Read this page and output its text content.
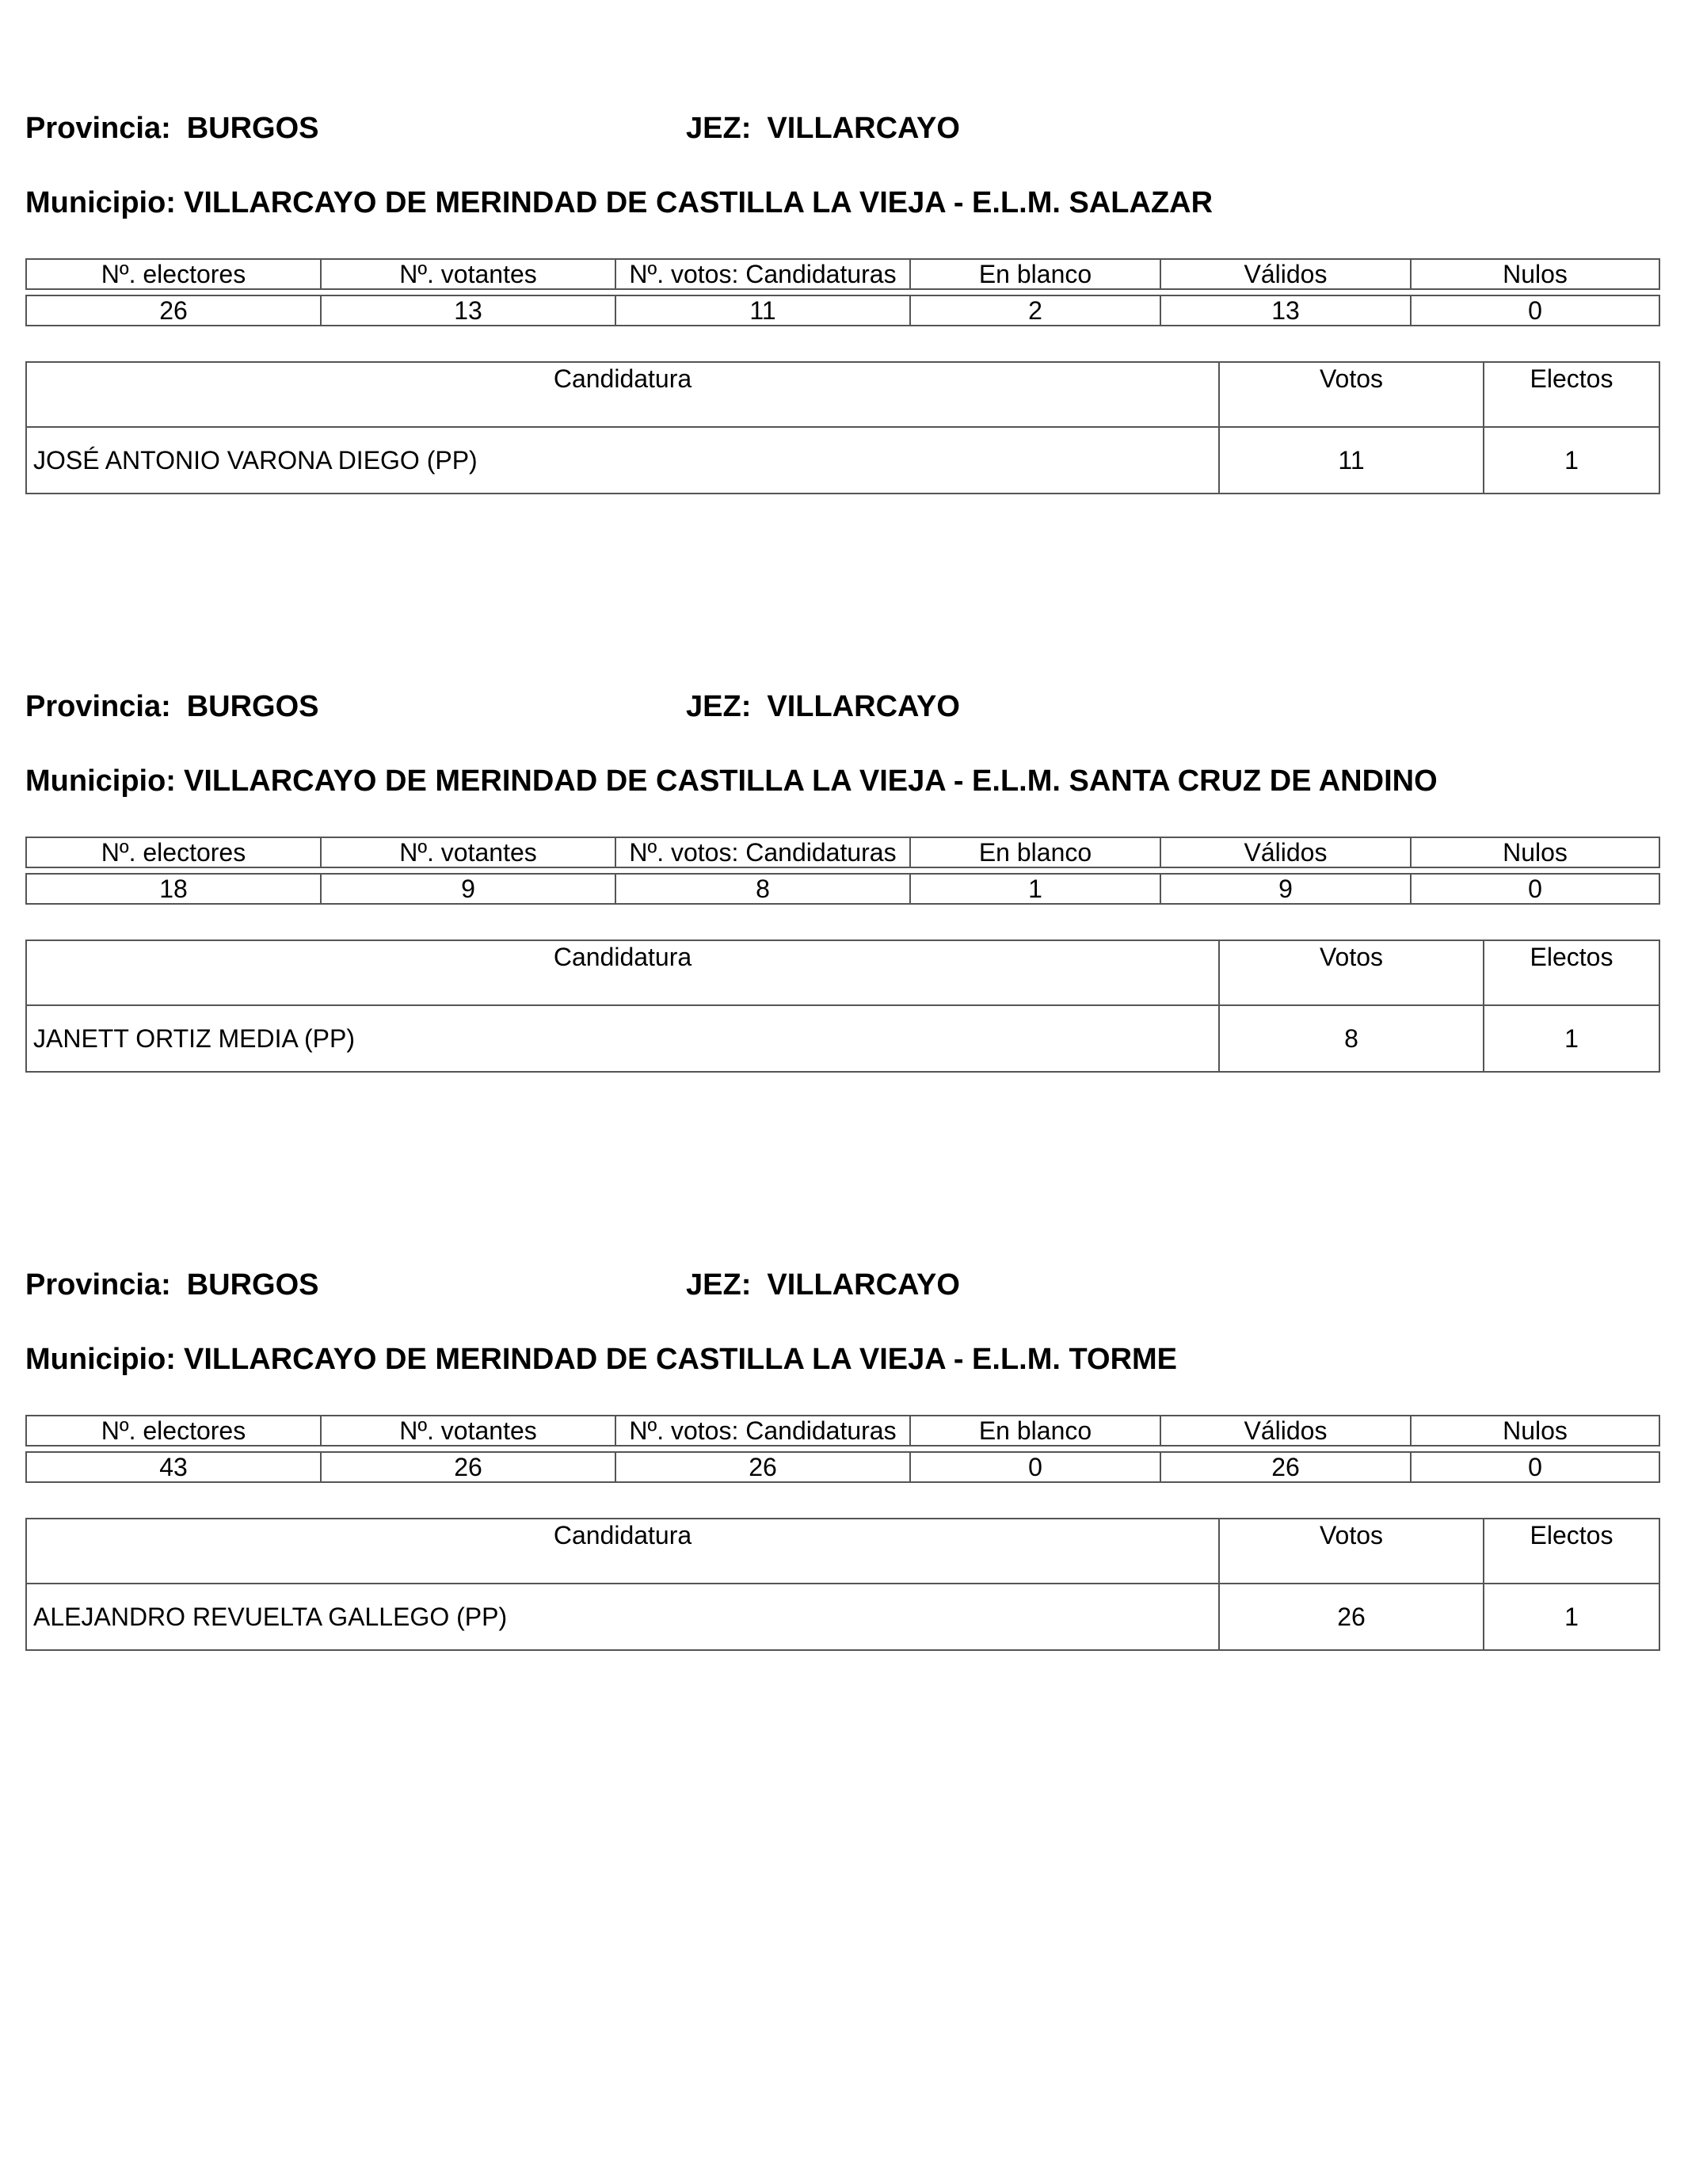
Provincia: BURGOS	JEZ: VILLARCAYO
Municipio: VILLARCAYO DE MERINDAD DE CASTILLA LA VIEJA - E.L.M. SALAZAR
Nº. electores	Nº. votantes	Nº. votos: Candidaturas	En blanco	Válidos	Nulos

26	13	11	2	13	0
Candidatura	Votos	Electos
JOSÉ ANTONIO VARONA DIEGO (PP)	11	1
Provincia: BURGOS	JEZ: VILLARCAYO
Municipio: VILLARCAYO DE MERINDAD DE CASTILLA LA VIEJA - E.L.M. SANTA CRUZ DE ANDINO
Nº. electores	Nº. votantes	Nº. votos: Candidaturas	En blanco	Válidos	Nulos

18	9	8	1	9	0
Candidatura	Votos	Electos
JANETT ORTIZ MEDIA (PP)	8	1
Provincia: BURGOS	JEZ: VILLARCAYO
Municipio: VILLARCAYO DE MERINDAD DE CASTILLA LA VIEJA - E.L.M. TORME
Nº. electores	Nº. votantes	Nº. votos: Candidaturas	En blanco	Válidos	Nulos

43	26	26	0	26	0
Candidatura	Votos	Electos
ALEJANDRO REVUELTA GALLEGO (PP)	26	1
